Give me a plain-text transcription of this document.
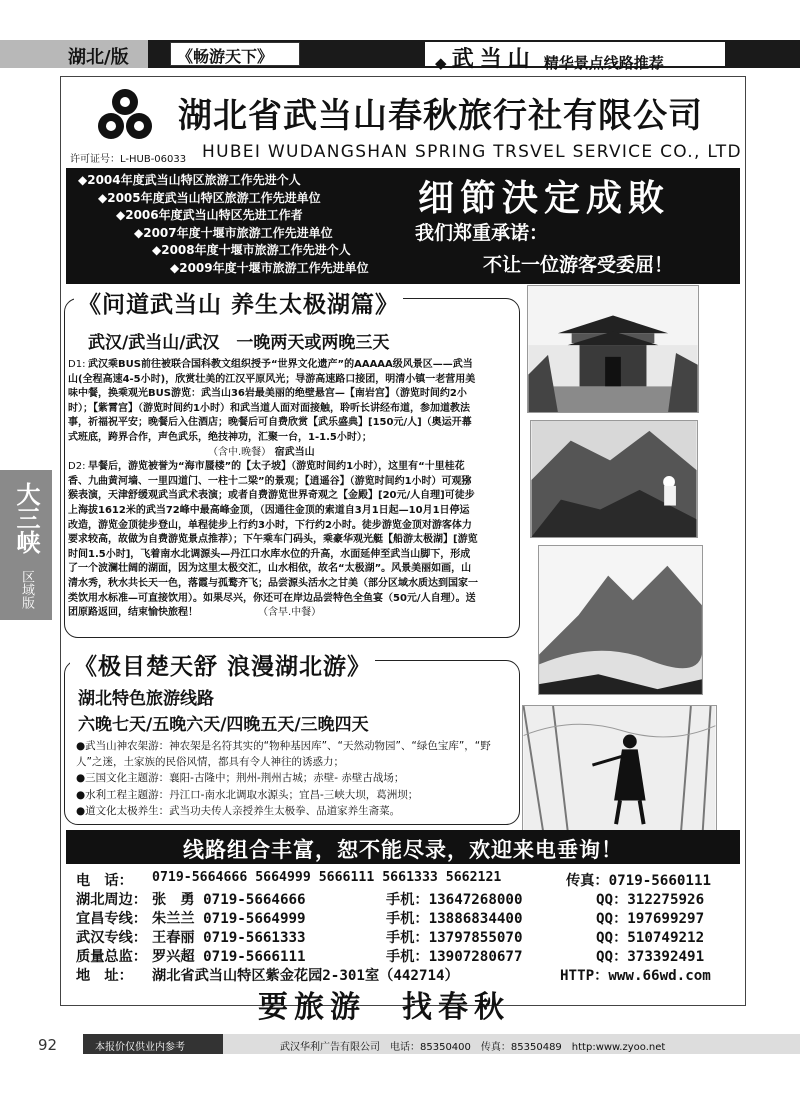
湖北/版	《畅游天下》	◆ 武当山 精华景点线路推荐
大三峡
区域版
湖北省武当山春秋旅行社有限公司
HUBEI WUDANGSHAN SPRING TRSVEL SERVICE CO., LTD
许可证号：L-HUB-06033
◆2004年度武当山特区旅游工作先进个人
◆2005年度武当山特区旅游工作先进单位
◆2006年度武当山特区先进工作者
◆2007年度十堰市旅游工作先进单位
◆2008年度十堰市旅游工作先进个人
◆2009年度十堰市旅游工作先进单位
细節決定成敗
我们郑重承诺：
不让一位游客受委屈！
《问道武当山 养生太极湖篇》
武汉/武当山/武汉　一晚两天或两晚三天

D1: 武汉乘BUS前往被联合国科教文组织授予“世界文化遗产”的AAAAA级风景区——武当山(全程高速4-5小时)，欣赏壮美的江汉平原风光；导游高速路口接团，明清小镇一老营用美味中餐，换乘观光BUS游览：武当山36岩最美丽的绝壁悬宫—【南岩宫】（游览时间约2小时）；【紫霄宫】（游览时间约1小时）和武当道人面对面接触，聆听长讲经布道，参加道教法事，祈福祝平安；晚餐后入住酒店；晚餐后可自费欣赏【武乐盛典】[150元/人]（奥运开幕式班底，跨界合作，声色武乐，绝技神功，汇聚一台，1-1.5小时）；（含中.晚餐） 宿武当山

D2: 早餐后，游览被誉为“海市蜃楼”的【太子坡】（游览时间约1小时），这里有“十里桂花香、九曲黄河墙、一里四道门、一柱十二梁”的景观；【逍遥谷】（游览时间约1小时）可观猕猴表演，天津舒缓观武当武术表演；或者自费游览世界奇观之【金殿】[20元/人自理]可徒步上海拔1612米的武当72峰中最高峰金顶，（因通往金顶的索道自3月1日起—10月1日停运改造，游览金顶徒步登山，单程徒步上行约3小时，下行约2小时。徒步游览金顶对游客体力要求较高，故做为自费游览景点推荐）；下午乘车门码头，乘豪华观光艇【船游太极湖】[游览时间1.5小时]，飞着南水北调源头—丹江口水库水位的升高，水面延伸至武当山脚下，形成了一个波澜壮阔的湖面，因为这里太极交汇，山水相依，故名“太极湖”。风景美丽如画，山清水秀，秋水共长天一色，落霞与孤鹜齐飞；品尝源头活水之甘美（部分区域水质达到国家一类饮用水标准—可直接饮用）。如果尽兴，你还可在岸边品尝特色全鱼宴（50元/人自理）。送团原路返回，结束愉快旅程！	（含早.中餐）

《极目楚天舒 浪漫湖北游》
湖北特色旅游线路
六晚七天/五晚六天/四晚五天/三晚四天
●武当山神农架游：神农架是名符其实的“物种基因库”、“天然动物园”、“绿色宝库”，“野人”之迷，土家族的民俗风情，都具有令人神往的诱惑力；
●三国文化主题游：襄阳-古隆中；荆州-荆州古城；赤壁- 赤壁古战场；
●水利工程主题游：丹江口-南水北调取水源头；宜昌-三峡大坝，葛洲坝；
●道文化太极养生：武当功夫传人亲授养生太极拳、品道家养生斋菜。
线路组合丰富，恕不能尽录，欢迎来电垂询！
电　话： 0719-5664666 5664999 5666111 5661333 5662121	传真：0719-5660111
湖北周边： 张　勇 0719-5664666	手机：13647268000	QQ：312275926
宜昌专线： 朱兰兰 0719-5664999	手机：13886834400	QQ：197699297
武汉专线： 王春丽 0719-5661333	手机：13797855070	QQ：510749212
质量总监： 罗兴超 0719-5666111	手机：13907280677	QQ：373392491
地　址： 湖北省武当山特区紫金花园2-301室（442714）	HTTP：www.66wd.com
要旅游　找春秋
92	本报价仅供业内参考	武汉华利广告有限公司　电话：85350400　传真：85350489　http:www.zyoo.net
